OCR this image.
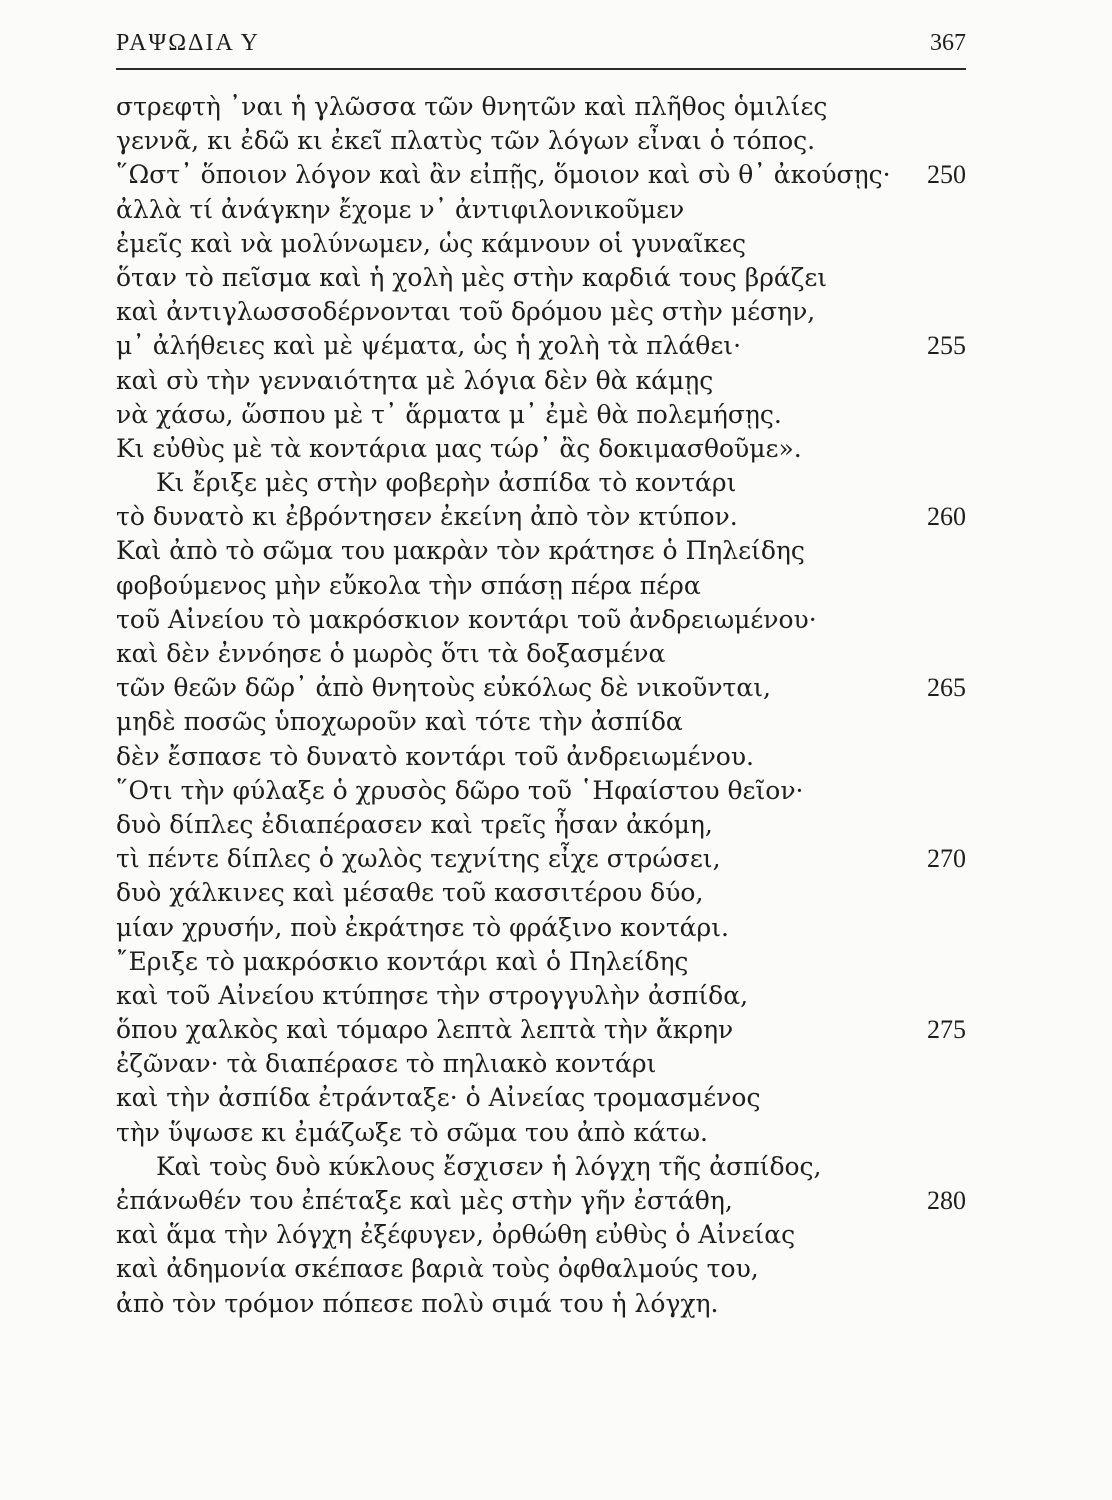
ΡΑΨΩΔΙΑ Υ	367
στρεφτὴ ᾿ναι ἡ γλῶσσα τῶν θνητῶν καὶ πλῆθος ὁμιλίες
γεννᾶ, κι ἐδῶ κι ἐκεῖ πλατὺς τῶν λόγων εἶναι ὁ τόπος.
῞Ωστ᾿ ὅποιον λόγον καὶ ἂν εἰπῇς, ὅμοιον καὶ σὺ θ᾿ ἀκούσῃς· 250
ἀλλὰ τί ἀνάγκην ἔχομε ν᾿ ἀντιφιλονικοῦμεν
ἐμεῖς καὶ νὰ μολύνωμεν, ὡς κάμνουν οἱ γυναῖκες
ὅταν τὸ πεῖσμα καὶ ἡ χολὴ μὲς στὴν καρδιά τους βράζει
καὶ ἀντιγλωσσοδέρνονται τοῦ δρόμου μὲς στὴν μέσην,
μ᾿ ἀλήθειες καὶ μὲ ψέματα, ὡς ἡ χολὴ τὰ πλάθει·	255
καὶ σὺ τὴν γενναιότητα μὲ λόγια δὲν θὰ κάμῃς
νὰ χάσω, ὥσπου μὲ τ᾿ ἅρματα μ᾿ ἐμὲ θὰ πολεμήσῃς.
Κι εὐθὺς μὲ τὰ κοντάρια μας τώρ᾿ ἂς δοκιμασθοῦμε».
Κι ἔριξε μὲς στὴν φοβερὴν ἀσπίδα τὸ κοντάρι
τὸ δυνατὸ κι ἐβρόντησεν ἐκείνη ἀπὸ τὸν κτύπον.	260
Καὶ ἀπὸ τὸ σῶμα του μακρὰν τὸν κράτησε ὁ Πηλείδης
φοβούμενος μὴν εὔκολα τὴν σπάσῃ πέρα πέρα
τοῦ Αἰνείου τὸ μακρόσκιον κοντάρι τοῦ ἀνδρειωμένου·
καὶ δὲν ἐννόησε ὁ μωρὸς ὅτι τὰ δοξασμένα
τῶν θεῶν δῶρ᾿ ἀπὸ θνητοὺς εὐκόλως δὲ νικοῦνται,	265
μηδὲ ποσῶς ὑποχωροῦν καὶ τότε τὴν ἀσπίδα
δὲν ἔσπασε τὸ δυνατὸ κοντάρι τοῦ ἀνδρειωμένου.
῞Οτι τὴν φύλαξε ὁ χρυσὸς δῶρο τοῦ ῾Ηφαίστου θεῖον·
δυὸ δίπλες ἐδιαπέρασεν καὶ τρεῖς ἦσαν ἀκόμη,
τὶ πέντε δίπλες ὁ χωλὸς τεχνίτης εἶχε στρώσει,	270
δυὸ χάλκινες καὶ μέσαθε τοῦ κασσιτέρου δύο,
μίαν χρυσήν, ποὺ ἐκράτησε τὸ φράξινο κοντάρι.
῎Εριξε τὸ μακρόσκιο κοντάρι καὶ ὁ Πηλείδης
καὶ τοῦ Αἰνείου κτύπησε τὴν στρογγυλὴν ἀσπίδα,
ὅπου χαλκὸς καὶ τόμαρο λεπτὰ λεπτὰ τὴν ἄκρην	275
ἐζῶναν· τὰ διαπέρασε τὸ πηλιακὸ κοντάρι
καὶ τὴν ἀσπίδα ἐτράνταξε· ὁ Αἰνείας τρομασμένος
τὴν ὕψωσε κι ἐμάζωξε τὸ σῶμα του ἀπὸ κάτω.
Καὶ τοὺς δυὸ κύκλους ἔσχισεν ἡ λόγχη τῆς ἀσπίδος,
ἐπάνωθέν του ἐπέταξε καὶ μὲς στὴν γῆν ἐστάθη,	280
καὶ ἅμα τὴν λόγχη ἐξέφυγεν, ὀρθώθη εὐθὺς ὁ Αἰνείας
καὶ ἀδημονία σκέπασε βαριὰ τοὺς ὀφθαλμούς του,
ἀπὸ τὸν τρόμον πόπεσε πολὺ σιμά του ἡ λόγχη.
